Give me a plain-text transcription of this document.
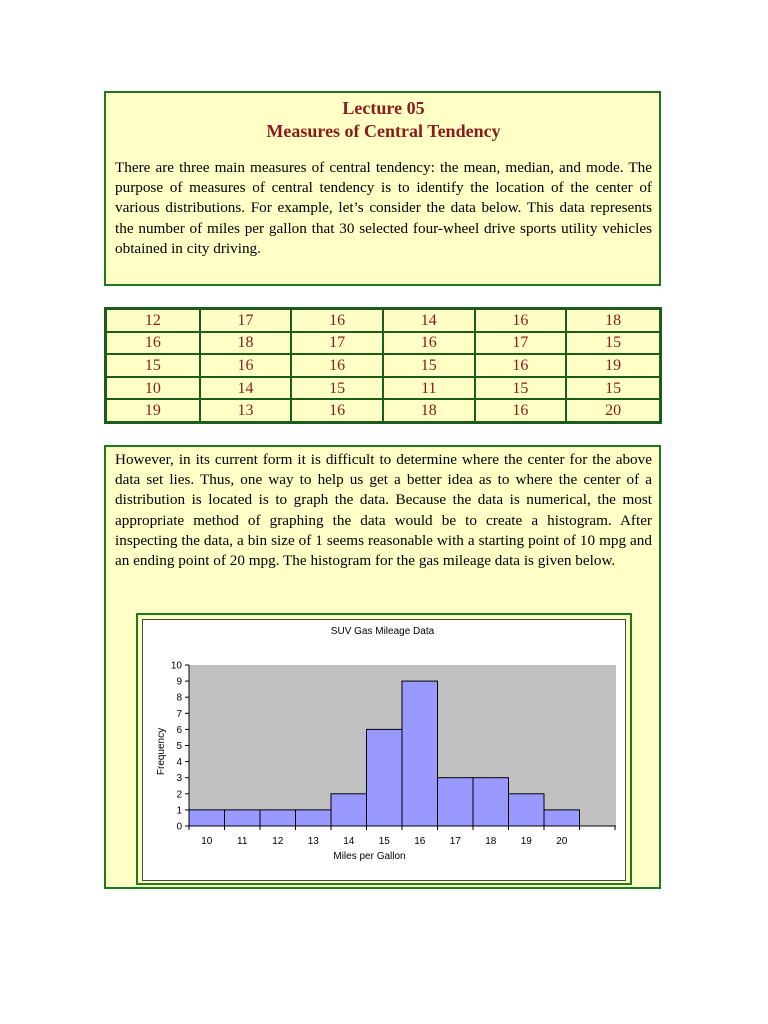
Lecture 05
Measures of Central Tendency

There are three main measures of central tendency: the mean, median, and mode. The purpose of measures of central tendency is to identify the location of the center of various distributions. For example, let’s consider the data below. This data represents the number of miles per gallon that 30 selected four-wheel drive sports utility vehicles obtained in city driving.

12	17	16	14	16	18
16	18	17	16	17	15
15	16	16	15	16	19
10	14	15	11	15	15
19	13	16	18	16	20

However, in its current form it is difficult to determine where the center for the above data set lies. Thus, one way to help us get a better idea as to where the center of a distribution is located is to graph the data. Because the data is numerical, the most appropriate method of graphing the data would be to create a histogram. After inspecting the data, a bin size of 1 seems reasonable with a starting point of 10 mpg and an ending point of 20 mpg. The histogram for the gas mileage data is given below.

SUV Gas Mileage Data
0
1
2
3
4
5
6
7
8
9
10
10 11 12 13 14 15 16 17 18 19 20
Miles per Gallon
Frequency
